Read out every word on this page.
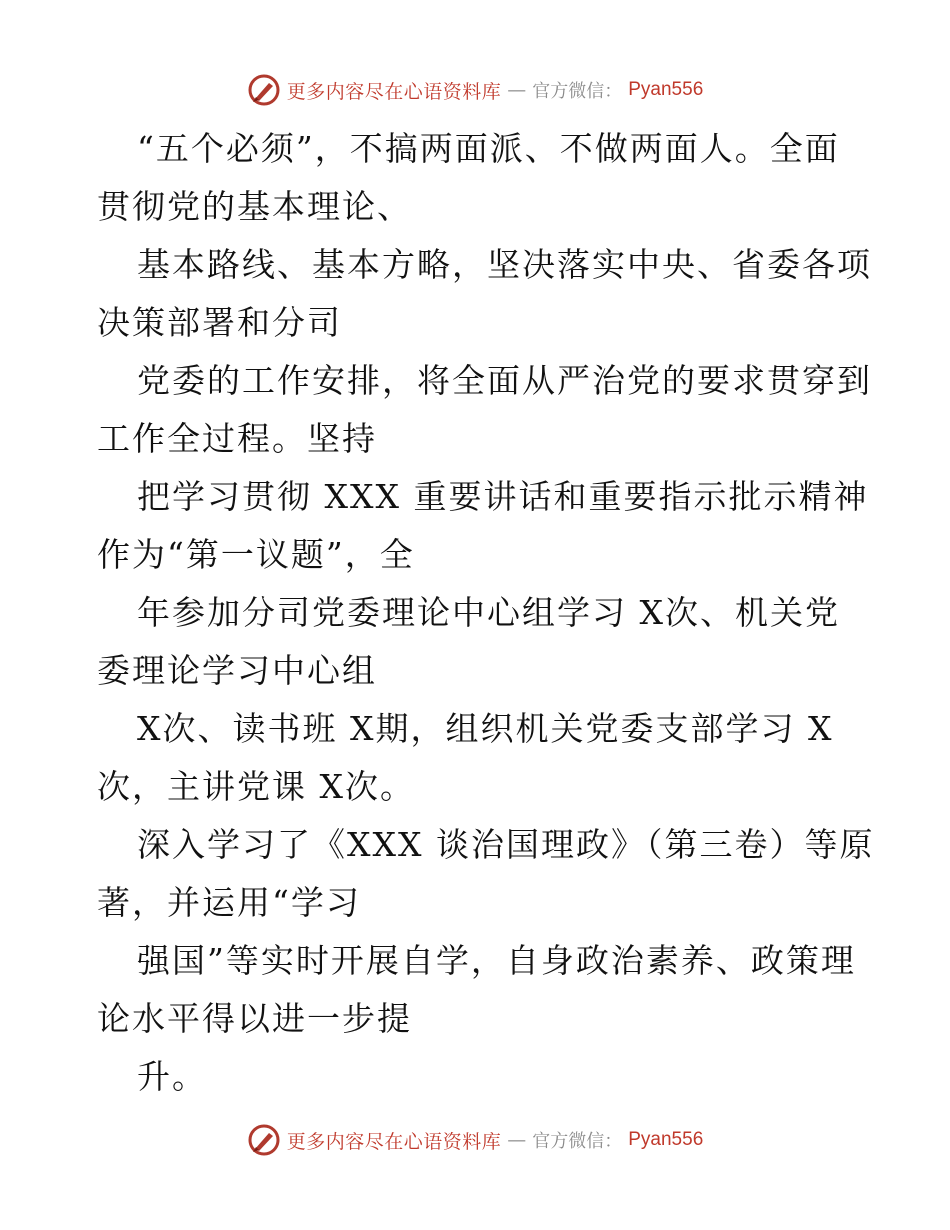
更多内容尽在心语资料库 — 官方微信： Pyan556
“五个必须”，不搞两面派、不做两面人。全面
贯彻党的基本理论、
基本路线、基本方略，坚决落实中央、省委各项
决策部署和分司
党委的工作安排，将全面从严治党的要求贯穿到
工作全过程。坚持
把学习贯彻 XXX 重要讲话和重要指示批示精神
作为“第一议题”，全
年参加分司党委理论中心组学习 X次、机关党
委理论学习中心组
X次、读书班 X期，组织机关党委支部学习 X
次，主讲党课 X次。
深入学习了《XXX 谈治国理政》（第三卷）等原
著，并运用“学习
强国”等实时开展自学，自身政治素养、政策理
论水平得以进一步提
升。
更多内容尽在心语资料库 — 官方微信： Pyan556
